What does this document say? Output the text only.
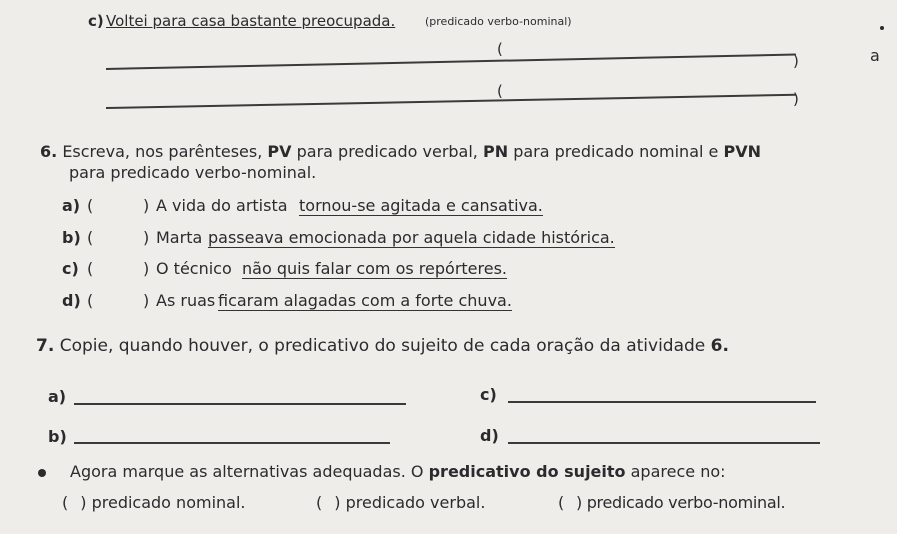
c) Voltei para casa bastante preocupada.	(predicado verbo-nominal)
(
)
(	)
a
6. Escreva, nos parênteses, PV para predicado verbal, PN para predicado nominal e PVN
para predicado verbo-nominal.
a) (	) A vida do artista tornou-se agitada e cansativa.
b) (	) Marta passeava emocionada por aquela cidade histórica.
c) (	) O técnico não quis falar com os repórteres.
d) (	) As ruas ficaram alagadas com a forte chuva.
7. Copie, quando houver, o predicativo do sujeito de cada oração da atividade 6.
a)
b)
c)
d)
Agora marque as alternativas adequadas. O predicativo do sujeito aparece no:
( ) predicado nominal.	( ) predicado verbal.	( ) predicado verbo-nominal.
